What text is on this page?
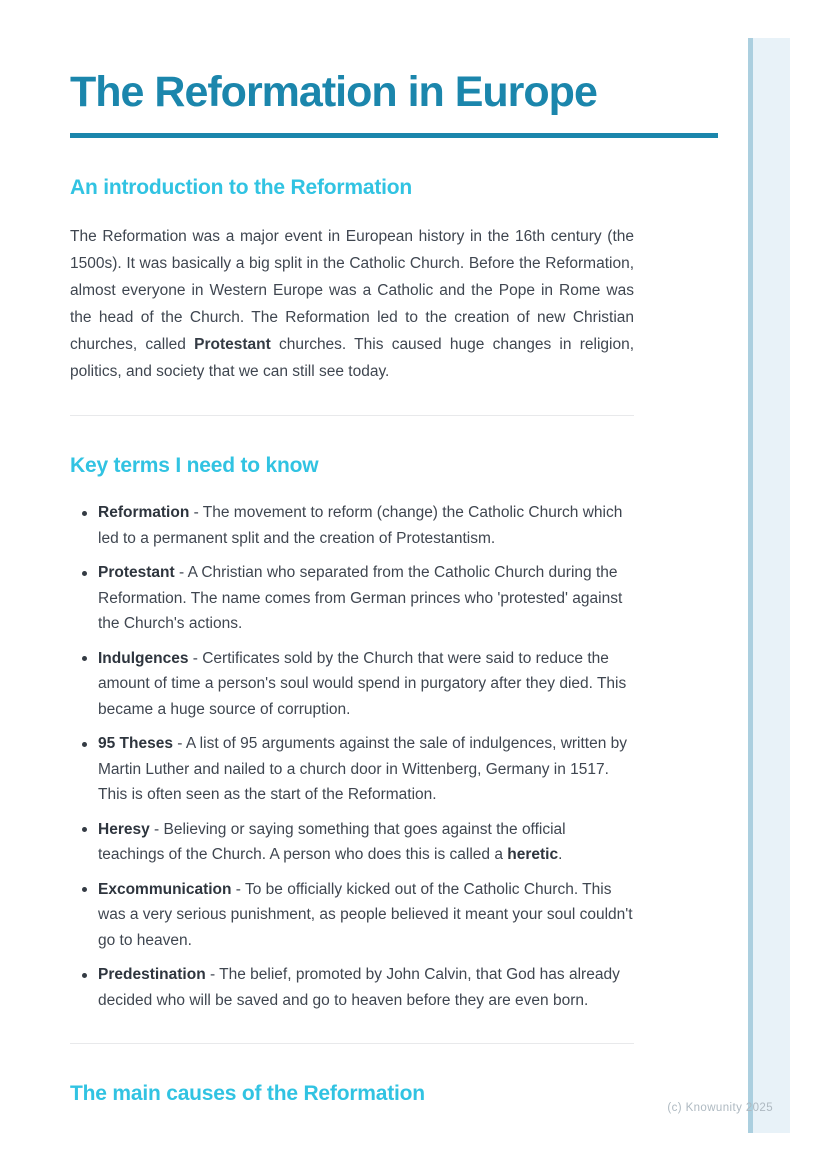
The Reformation in Europe
An introduction to the Reformation

The Reformation was a major event in European history in the 16th century (the 1500s). It was basically a big split in the Catholic Church. Before the Reformation, almost everyone in Western Europe was a Catholic and the Pope in Rome was the head of the Church. The Reformation led to the creation of new Christian churches, called Protestant churches. This caused huge changes in religion, politics, and society that we can still see today.

Key terms I need to know
Reformation - The movement to reform (change) the Catholic Church which led to a permanent split and the creation of Protestantism.
Protestant - A Christian who separated from the Catholic Church during the Reformation. The name comes from German princes who 'protested' against the Church's actions.
Indulgences - Certificates sold by the Church that were said to reduce the amount of time a person's soul would spend in purgatory after they died. This became a huge source of corruption.
95 Theses - A list of 95 arguments against the sale of indulgences, written by Martin Luther and nailed to a church door in Wittenberg, Germany in 1517. This is often seen as the start of the Reformation.
Heresy - Believing or saying something that goes against the official teachings of the Church. A person who does this is called a heretic.
Excommunication - To be officially kicked out of the Catholic Church. This was a very serious punishment, as people believed it meant your soul couldn't go to heaven.
Predestination - The belief, promoted by John Calvin, that God has already decided who will be saved and go to heaven before they are even born.
The main causes of the Reformation
(c) Knowunity 2025
